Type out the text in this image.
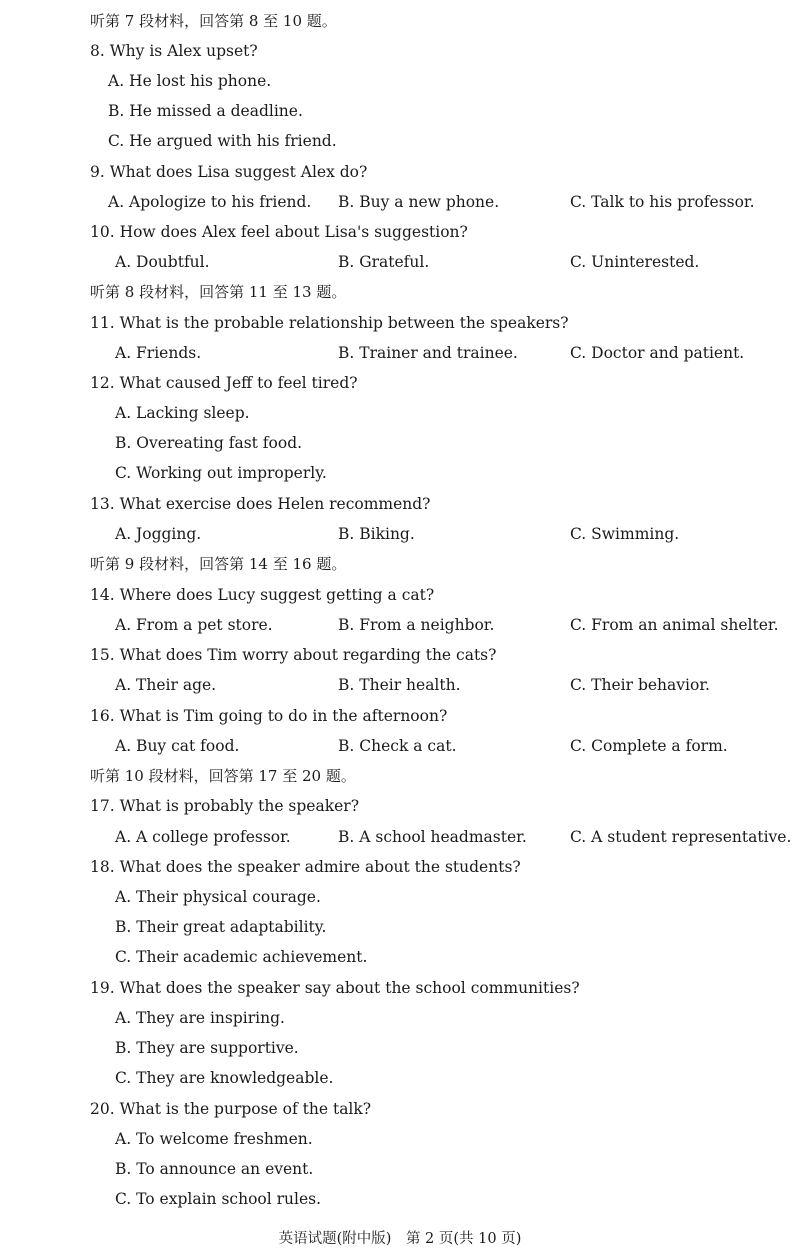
听第 7 段材料，回答第 8 至 10 题。
8. Why is Alex upset?
A. He lost his phone.
B. He missed a deadline.
C. He argued with his friend.
9. What does Lisa suggest Alex do?
A. Apologize to his friend. B. Buy a new phone.	C. Talk to his professor.
10. How does Alex feel about Lisa's suggestion?
A. Doubtful.	B. Grateful.	C. Uninterested.
听第 8 段材料，回答第 11 至 13 题。
11. What is the probable relationship between the speakers?
A. Friends.	B. Trainer and trainee.	C. Doctor and patient.
12. What caused Jeff to feel tired?
A. Lacking sleep.
B. Overeating fast food.
C. Working out improperly.
13. What exercise does Helen recommend?
A. Jogging.	B. Biking.	C. Swimming.
听第 9 段材料，回答第 14 至 16 题。
14. Where does Lucy suggest getting a cat?
A. From a pet store.	B. From a neighbor.	C. From an animal shelter.
15. What does Tim worry about regarding the cats?
A. Their age.	B. Their health.	C. Their behavior.
16. What is Tim going to do in the afternoon?
A. Buy cat food.	B. Check a cat.	C. Complete a form.
听第 10 段材料，回答第 17 至 20 题。
17. What is probably the speaker?
A. A college professor.	B. A school headmaster.	C. A student representative.
18. What does the speaker admire about the students?
A. Their physical courage.
B. Their great adaptability.
C. Their academic achievement.
19. What does the speaker say about the school communities?
A. They are inspiring.
B. They are supportive.
C. They are knowledgeable.
20. What is the purpose of the talk?
A. To welcome freshmen.
B. To announce an event.
C. To explain school rules.
英语试题(附中版)　第 2 页(共 10 页)
